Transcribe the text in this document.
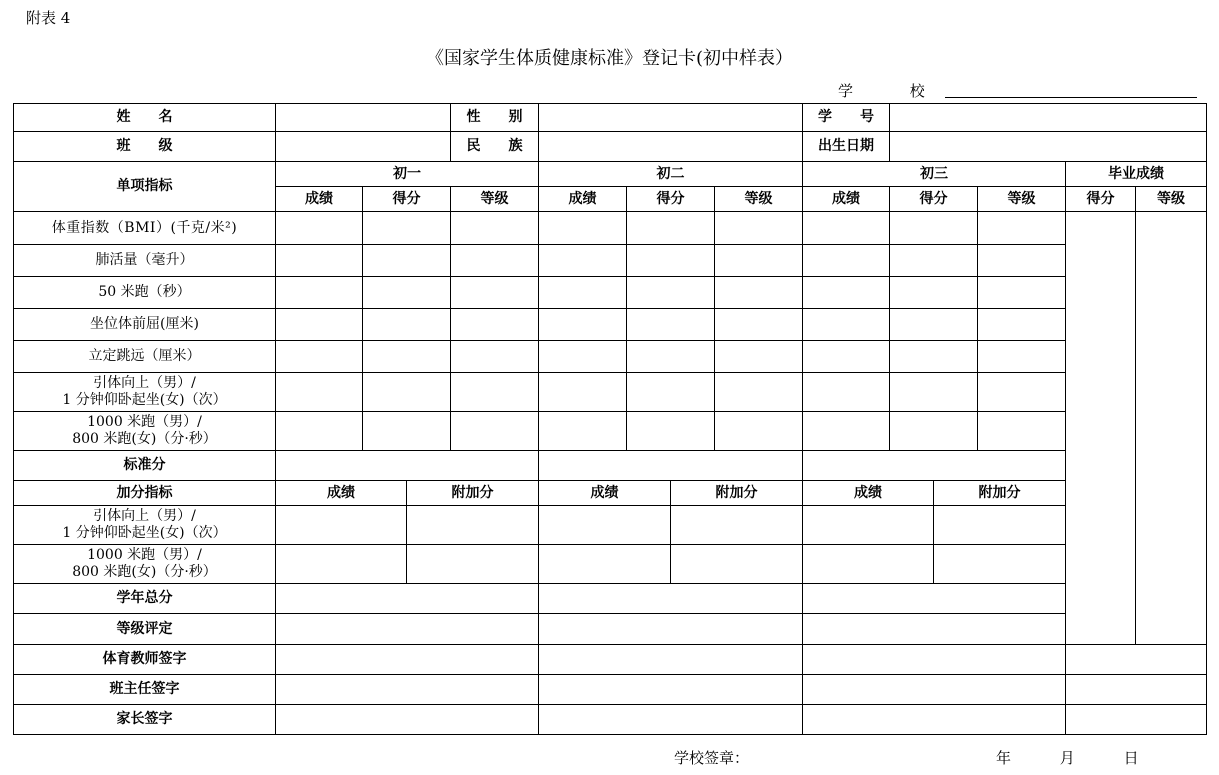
附表 4
《国家学生体质健康标准》登记卡(初中样表）
学 校
姓　　名				性　　别					学　　号					
班　　级				民　　族					出生日期					
单项指标	初一				初二				初三				毕业成绩	
	成绩	得分		等级	成绩	得分		等级	成绩	得分		等级	得分	等级
体重指数（BMI）(千克/米²)														
肺活量（毫升）														
50 米跑（秒）														
坐位体前屈(厘米)														
立定跳远（厘米）														

引体向上（男）/
1 分钟仰卧起坐(女)（次）														

1000 米跑（男）/
800 米跑(女)（分·秒）														

标准分														
加分指标	成绩		附加分		成绩		附加分		成绩		附加分			

引体向上（男）/
1 分钟仰卧起坐(女)（次）														

1000 米跑（男）/
800 米跑(女)（分·秒）														

学年总分														
等级评定														
体育教师签字														
班主任签字														
家长签字														
学校签章：	年	月	日
